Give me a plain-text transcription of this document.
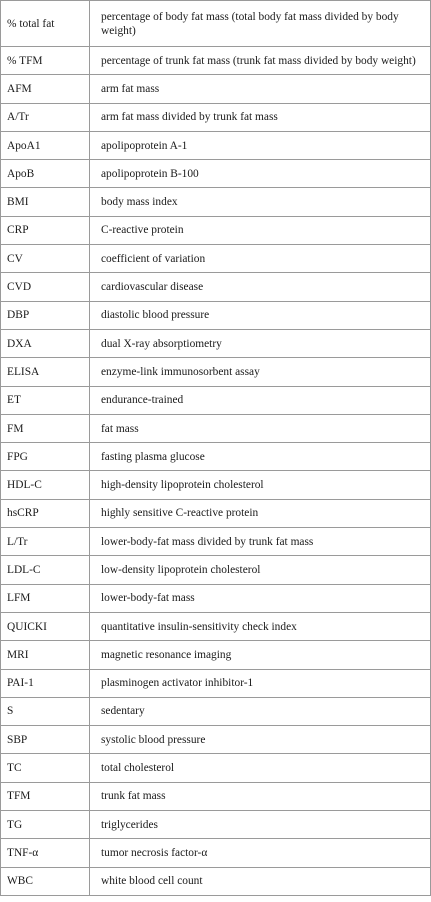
% total fat	percentage of body fat mass (total body fat mass divided by body weight)
% TFM	percentage of trunk fat mass (trunk fat mass divided by body weight)
AFM	arm fat mass
A/Tr	arm fat mass divided by trunk fat mass
ApoA1	apolipoprotein A-1
ApoB	apolipoprotein B-100
BMI	body mass index
CRP	C-reactive protein
CV	coefficient of variation
CVD	cardiovascular disease
DBP	diastolic blood pressure
DXA	dual X-ray absorptiometry
ELISA	enzyme-link immunosorbent assay
ET	endurance-trained
FM	fat mass
FPG	fasting plasma glucose
HDL-C	high-density lipoprotein cholesterol
hsCRP	highly sensitive C-reactive protein
L/Tr	lower-body-fat mass divided by trunk fat mass
LDL-C	low-density lipoprotein cholesterol
LFM	lower-body-fat mass
QUICKI	quantitative insulin-sensitivity check index
MRI	magnetic resonance imaging
PAI-1	plasminogen activator inhibitor-1
S	sedentary
SBP	systolic blood pressure
TC	total cholesterol
TFM	trunk fat mass
TG	triglycerides
TNF-α	tumor necrosis factor-α
WBC	white blood cell count
